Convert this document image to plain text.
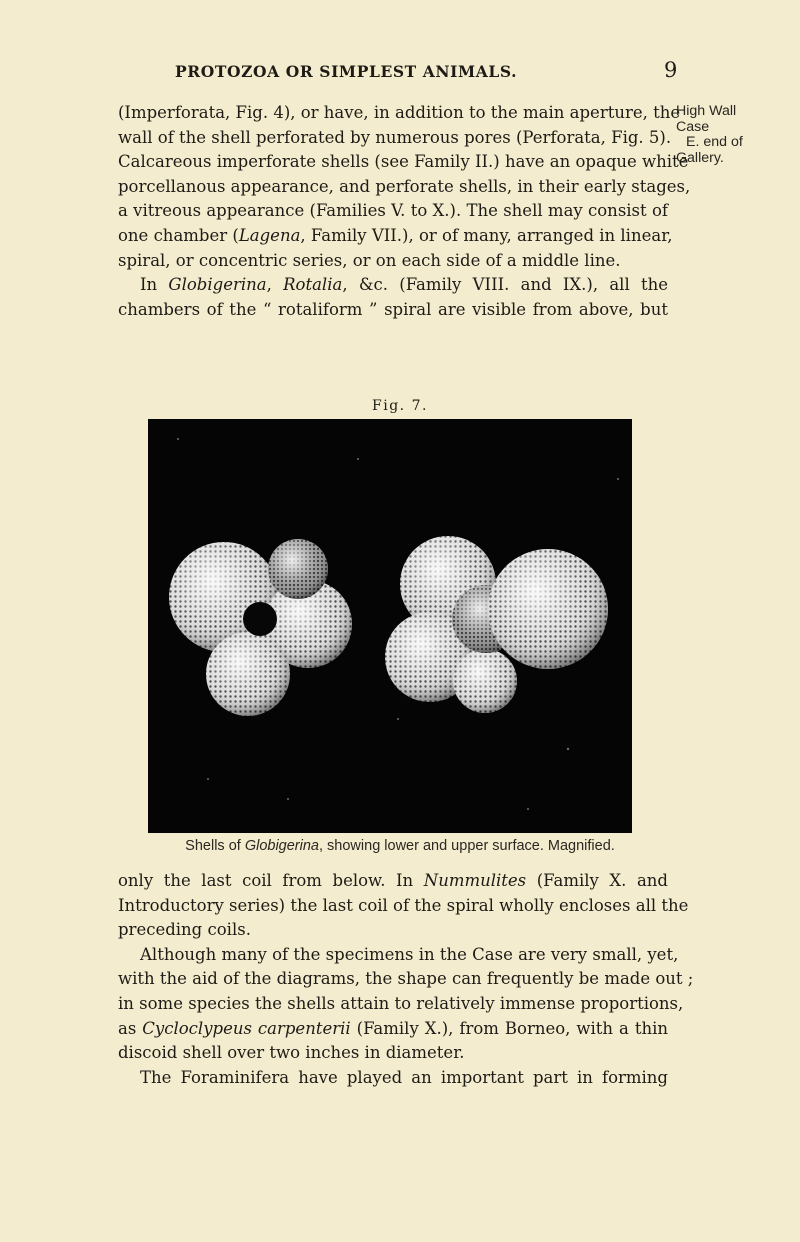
PROTOZOA OR SIMPLEST ANIMALS.	9
High Wall
Case
E. end of
Gallery.
(Imperforata, Fig. 4), or have, in addition to the main aperture, the
wall of the shell perforated by numerous pores (Perforata, Fig. 5).
Calcareous imperforate shells (see Family II.) have an opaque white
porcellanous appearance, and perforate shells, in their early stages,
a vitreous appearance (Families V. to X.). The shell may consist of
one chamber (Lagena, Family VII.), or of many, arranged in linear,
spiral, or concentric series, or on each side of a middle line.
In Globigerina, Rotalia, &c. (Family VIII. and IX.), all the
chambers of the “ rotaliform ” spiral are visible from above, but
Fig. 7.
Shells of Globigerina, showing lower and upper surface. Magnified.
only the last coil from below. In Nummulites (Family X. and
Introductory series) the last coil of the spiral wholly encloses all the
preceding coils.
Although many of the specimens in the Case are very small, yet,
with the aid of the diagrams, the shape can frequently be made out ;
in some species the shells attain to relatively immense proportions,
as Cycloclypeus carpenterii (Family X.), from Borneo, with a thin
discoid shell over two inches in diameter.
The Foraminifera have played an important part in forming
